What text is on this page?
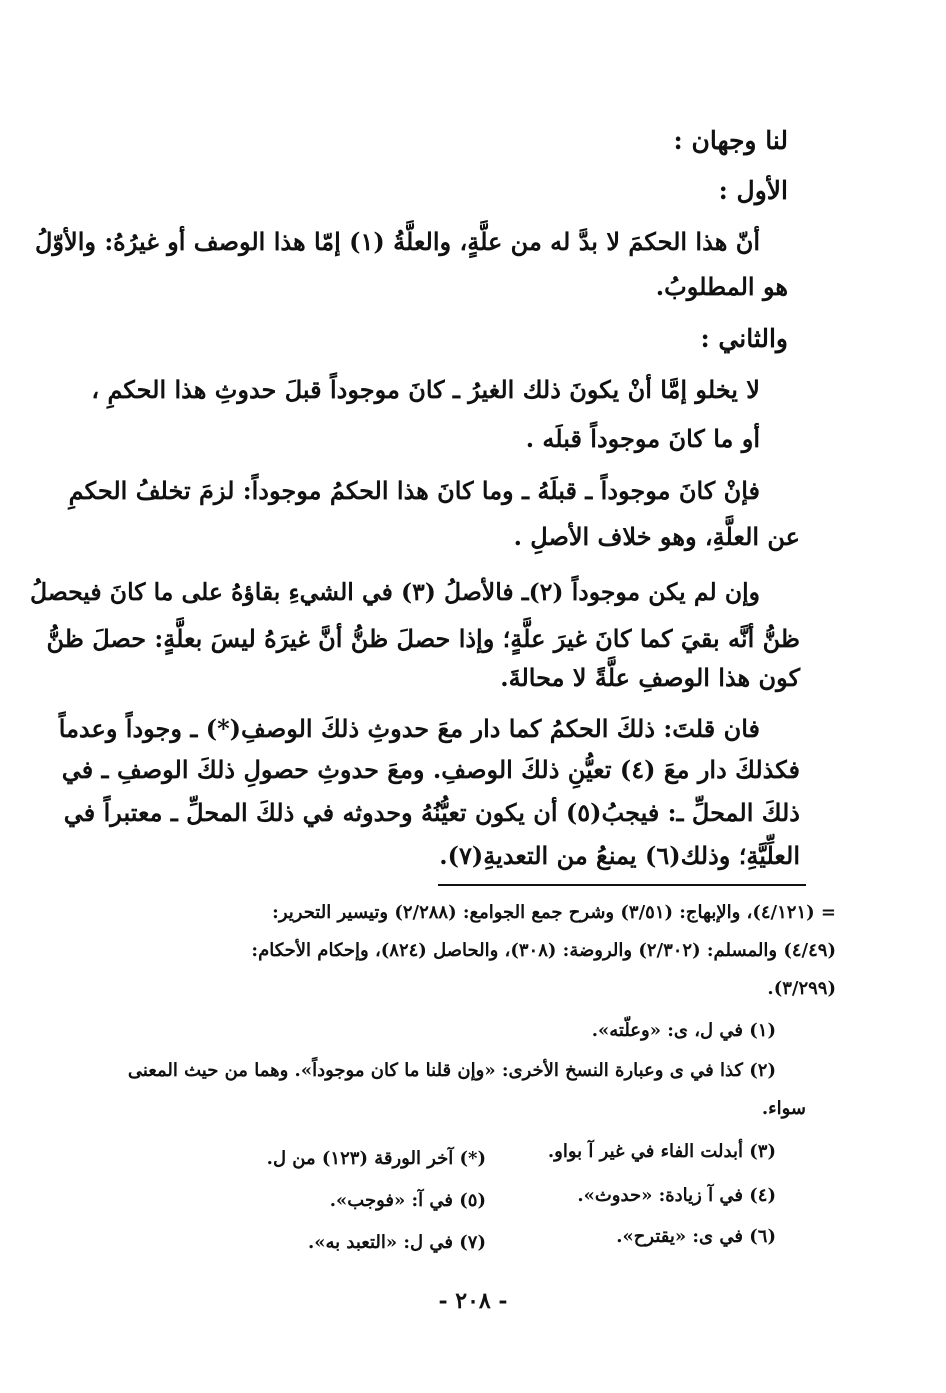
لنا وجهان :
الأول :
أنّ هذا الحكمَ لا بدَّ له من علَّةٍ، والعلَّةُ (١) إمّا هذا الوصف أو غيرُهُ: والأوّلُ
هو المطلوبُ.
والثاني :
لا يخلو إمَّا أنْ يكونَ ذلك الغيرُ ـ كانَ موجوداً قبلَ حدوثِ هذا الحكمِ ،
أو ما كانَ موجوداً قبلَه .
فإنْ كانَ موجوداً ـ قبلَهُ ـ وما كانَ هذا الحكمُ موجوداً: لزمَ تخلفُ الحكمِ
عن العلَّةِ، وهو خلاف الأصلِ .
وإن لم يكن موجوداً (٢)ـ فالأصلُ (٣) في الشيءِ بقاؤهُ على ما كانَ فيحصلُ
ظنُّ أنَّه بقيَ كما كانَ غيرَ علَّةٍ؛ وإذا حصلَ ظنُّ أنَّ غيرَهُ ليسَ بعلَّةٍ: حصلَ ظنُّ
كون هذا الوصفِ علَّةً لا محالةَ.
فان قلتَ: ذلكَ الحكمُ كما دار معَ حدوثِ ذلكَ الوصفِ(*) ـ وجوداً وعدماً
فكذلكَ دار معَ (٤) تعيُّنِ ذلكَ الوصفِ. ومعَ حدوثِ حصولِ ذلكَ الوصفِ ـ في
ذلكَ المحلِّ ـ: فيجبُ(٥) أن يكون تعيُّنُهُ وحدوثه في ذلكَ المحلِّ ـ معتبراً في
العلِّيَّةِ؛ وذلك(٦) يمنعُ من التعديةِ(٧).
= (٤/١٢١)، والإبهاج: (٣/٥١) وشرح جمع الجوامع: (٢/٢٨٨) وتيسير التحرير:
(٤/٤٩) والمسلم: (٢/٣٠٢) والروضة: (٣٠٨)، والحاصل (٨٢٤)، وإحكام الأحكام:
(٣/٢٩٩).
(١) في ل، ى: «وعلّته».
(٢) كذا في ى وعبارة النسخ الأخرى: «وإن قلنا ما كان موجوداً». وهما من حيث المعنى
سواء.
(٣) أبدلت الفاء في غير آ بواو.
(*) آخر الورقة (١٢٣) من ل.
(٤) في آ زيادة: «حدوث».
(٥) في آ: «فوجب».
(٦) في ى: «يقترح».
(٧) في ل: «التعبد به».
- ٢٠٨ -
